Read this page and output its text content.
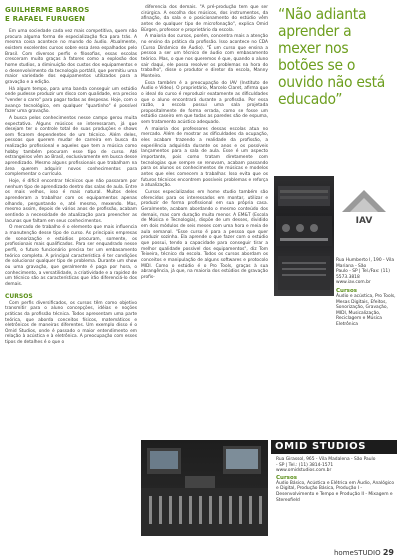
GUILHERME BARROS
E RAFAEL FURUGEN

Em uma sociedade cada vez mais competitiva, quem não procura alguma forma de especialização fica para trás. A mesma coisa acontece no mundo do áudio. Atualmente, existem excelentes cursos sobre essa área espalhados pelo Brasil. Com diversos perfis e filosofias, essas escolas cresceram muito graças à fatores como a explosão dos home studios, a diminuição dos custos dos equipamentos e o desenvolvimento da tecnologia portátil, que permitiu uma maior variedade dos equipamentos utilizados para a gravação e a edição.

Há algum tempo, para uma banda conseguir um estúdio onde pudesse produzir um disco com qualidade, era preciso "vender o carro" para pagar todas as despesas. Hoje, com o avanço tecnológico, em qualquer "quartinho" é possível fazer uma gravação.

A busca pelos conhecimentos nesse campo gerou muita expectativa. Alguns músicos se interessaram, já que desejam ter o controle total de suas produções e shows sem ficarem dependentes de um técnico. Além deles, pessoas que querem mudar de carreira em busca da realização profissional e aqueles que tem a música como hobby também procuram esse tipo de curso. Até estrangeiros vêm ao Brasil, exclusivamente em busca desse aprendizado. Mesmo alguns profissionais que trabalham na área querem adquirir novos conhecimentos para complementar o currículo.

Hoje, é difícil encontrar técnicos que não passaram por nenhum tipo de aprendizado dentro das salas de aula. Entre os mais velhos, isso é mais natural. Muitos deles aprenderam a trabalhar com os equipamentos apenas olhando, perguntando e, até mesmo, mexendo. Mas, mesmo assim, depois de vários anos de profissão, acabam sentindo a necessidade de atualização para preencher as lacunas que faltam em seus conhecimentos.

O mercado de trabalho é o elemento que mais influencia a manutenção desse tipo de curso. As principais empresas de sonorização e estúdios procuram, somente, os profissionais mais qualificados. Para ser enquadrado nesse perfil, o futuro funcionário precisa ter um embasamento teórico completo. A principal característica é ter condições de solucionar qualquer tipo de problema. Durante um show ou uma gravação, que geralmente é paga por hora, o conhecimento, a versatilidade, a criatividade e a rapidez de um técnico são as características que irão diferenciá-lo dos demais.

CURSOS

Com perfis diversificados, os cursos têm como objetivo transmitir para o aluno concepções, idéias e noções práticas da profissão técnica. Todos apresentam uma parte teórica, que aborda conceitos físicos, matemáticos e eletrônicos de maneiras diferentes. Um exemplo disso é o Omid Studios, onde é passado o maior entendimento em relação à acústica e à eletrônica. A preocupação com esses tipos de detalhes é o que o

diferencia dos demais. "A pré-produção tem que ser cirúrgica. A escolha dos músicos, dos instrumentos, da afinação, da sala e o posicionamento do estúdio vêm antes de qualquer tipo de microfonação", explica Omid Bürgen, professor e proprietário da escola.

A maioria dos cursos, porém, concentra mais a atenção no ensino da prática da profissão. Isso acontece no CDA (Curso Dinâmico de Áudio). "É um curso que ensina a pessoa a ser um técnico de áudio com embasamento teórico. Mas, o que nos queremos é que, quando o aluno sair daqui, ele possa resolver os problemas na hora do trabalho", disse o produtor e diretor da escola, Manny Monteiro.

Essa também é a preocupação do IAV (Instituto de Áudio e Vídeo). O proprietário, Marcelo Claret, afirma que o ideal do curso é reproduzir exatamente as dificuldades que o aluno encontrará durante a profissão. Por essa razão, a escola possui uma sala projetada propositalmente de forma errada, como se fosse um estúdio caseiro em que todas as paredes são de espuma, sem tratamento acústico adequado.

A maioria dos professores dessas escolas atua no mercado. Além de mostrar as dificuldades da ocupação, eles acabam trazendo a realidade da profissão, a experiência adquirida durante os anos e os possíveis lançamentos para a sala de aula. Esse é um aspecto importante, pois como tratam diretamente com tecnologias que sempre se renovam, acabam passando para os alunos os conhecimentos de músicas e modelos antes que eles comecem a trabalhar. Isso evita que os futuros técnicos encontrem possíveis problemas e reforça a atualização.

Cursos especializados em home studio também são oferecidos para os interessados em montar, utilizar e produzir de forma profissional em sua própria casa. Geralmente, acabam abordando o mesmo conteúdo dos demais, mas com duração muito menor. A EM&T (Escola de Música e Tecnologia), dispõe de um desses, dividido em dois módulos de seis meses com uma hora e meia de aula semanal. "Esse curso é para a pessoa que quer produzir sozinha. Ela aprende o que fazer com o estúdio que possui, tendo a capacidade para conseguir tirar a melhor qualidade possível dos equipamentos", diz Tom Teixeira, técnico da escola. Todos os cursos abordam os conceitos e manipulação de alguns softwares e protocolo MIDI. Como o estúdio é o Pro Tools, graças à sua abrangência, já que, na maioria dos estúdios de gravação profis-

“Não adianta aprender a mexer nos botões se o ouvido não está educado”
IAV
Rua Humberto I, 190 - Vila Mariana - São
Paulo - SP | Tel./Fax: (11) 5573.3818
www.iav.com.br
Cursos
Áudio e acústica, Pro Tools, Mesas Digitais, Efeitos, Sonorização, Gravação, MIDI, Musicalização, Reciclagem e Música Eletrônica
OMID STUDIOS
Rua Girassol, 965 - Vila Madalena - São Paulo
- SP | Tel.: (11) 3814-1571
www.omidstudios.com.br
Cursos
Áudio Básico, Acústica e Elétrica em Áudio, Analógico e Digital, Produção Básica, Produção I - Desenvolvimento e Tempo e Produção II - Mixagem e Stereofield
homeSTUDIO 29
